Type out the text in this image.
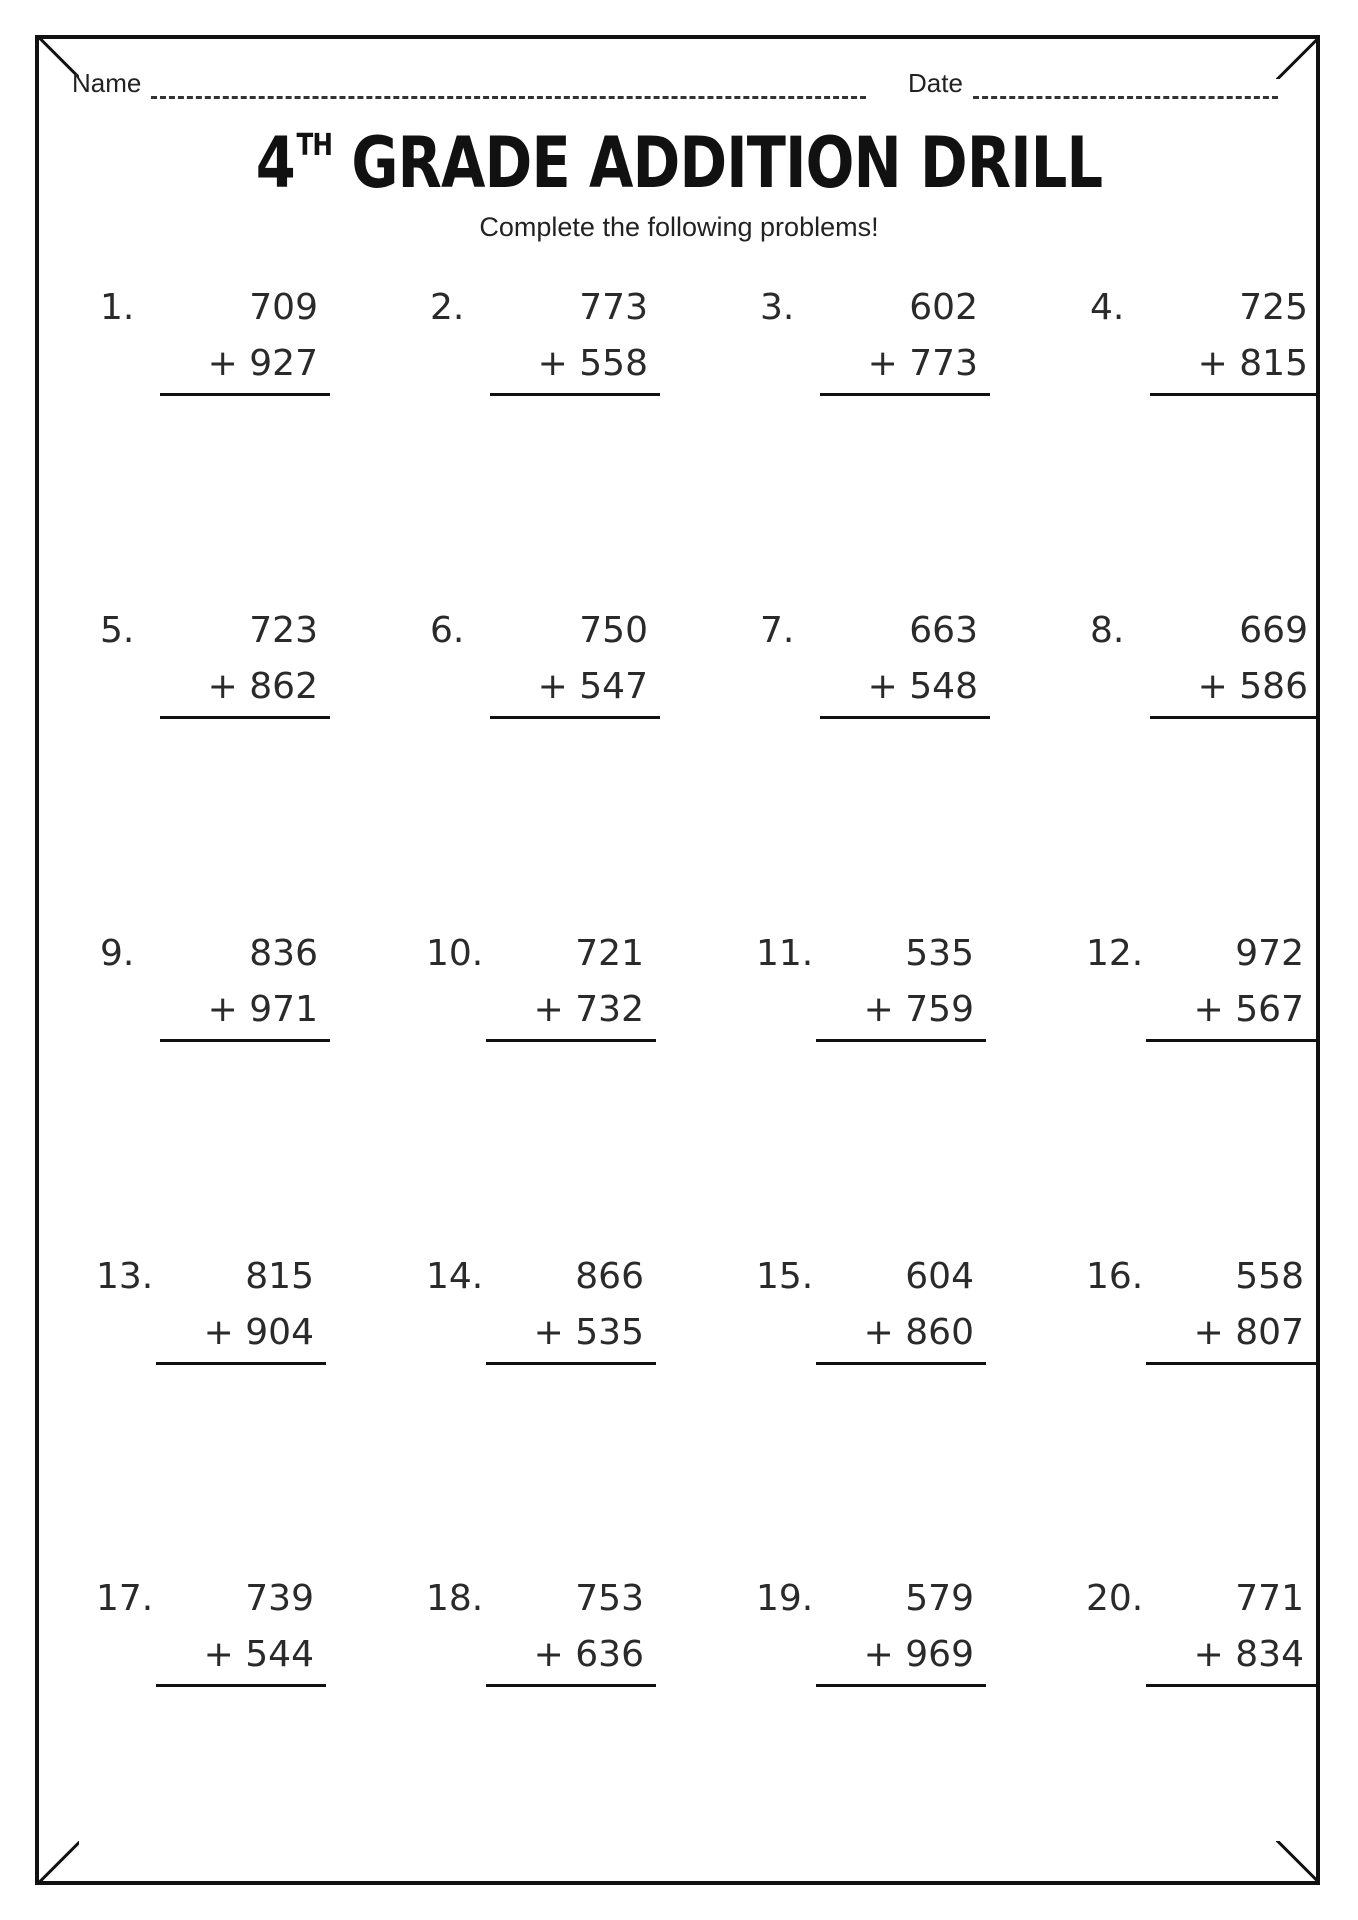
Name	Date
4TH GRADE ADDITION DRILL
Complete the following problems!
1.	709
+ 927
2.	773
+ 558
3.	602
+ 773
4.	725
+ 815
5.	723
+ 862
6.	750
+ 547
7.	663
+ 548
8.	669
+ 586
9.	836
+ 971
10.	721
+ 732
11.	535
+ 759
12.	972
+ 567
13.	815
+ 904
14.	866
+ 535
15.	604
+ 860
16.	558
+ 807
17.	739
+ 544
18.	753
+ 636
19.	579
+ 969
20.	771
+ 834
